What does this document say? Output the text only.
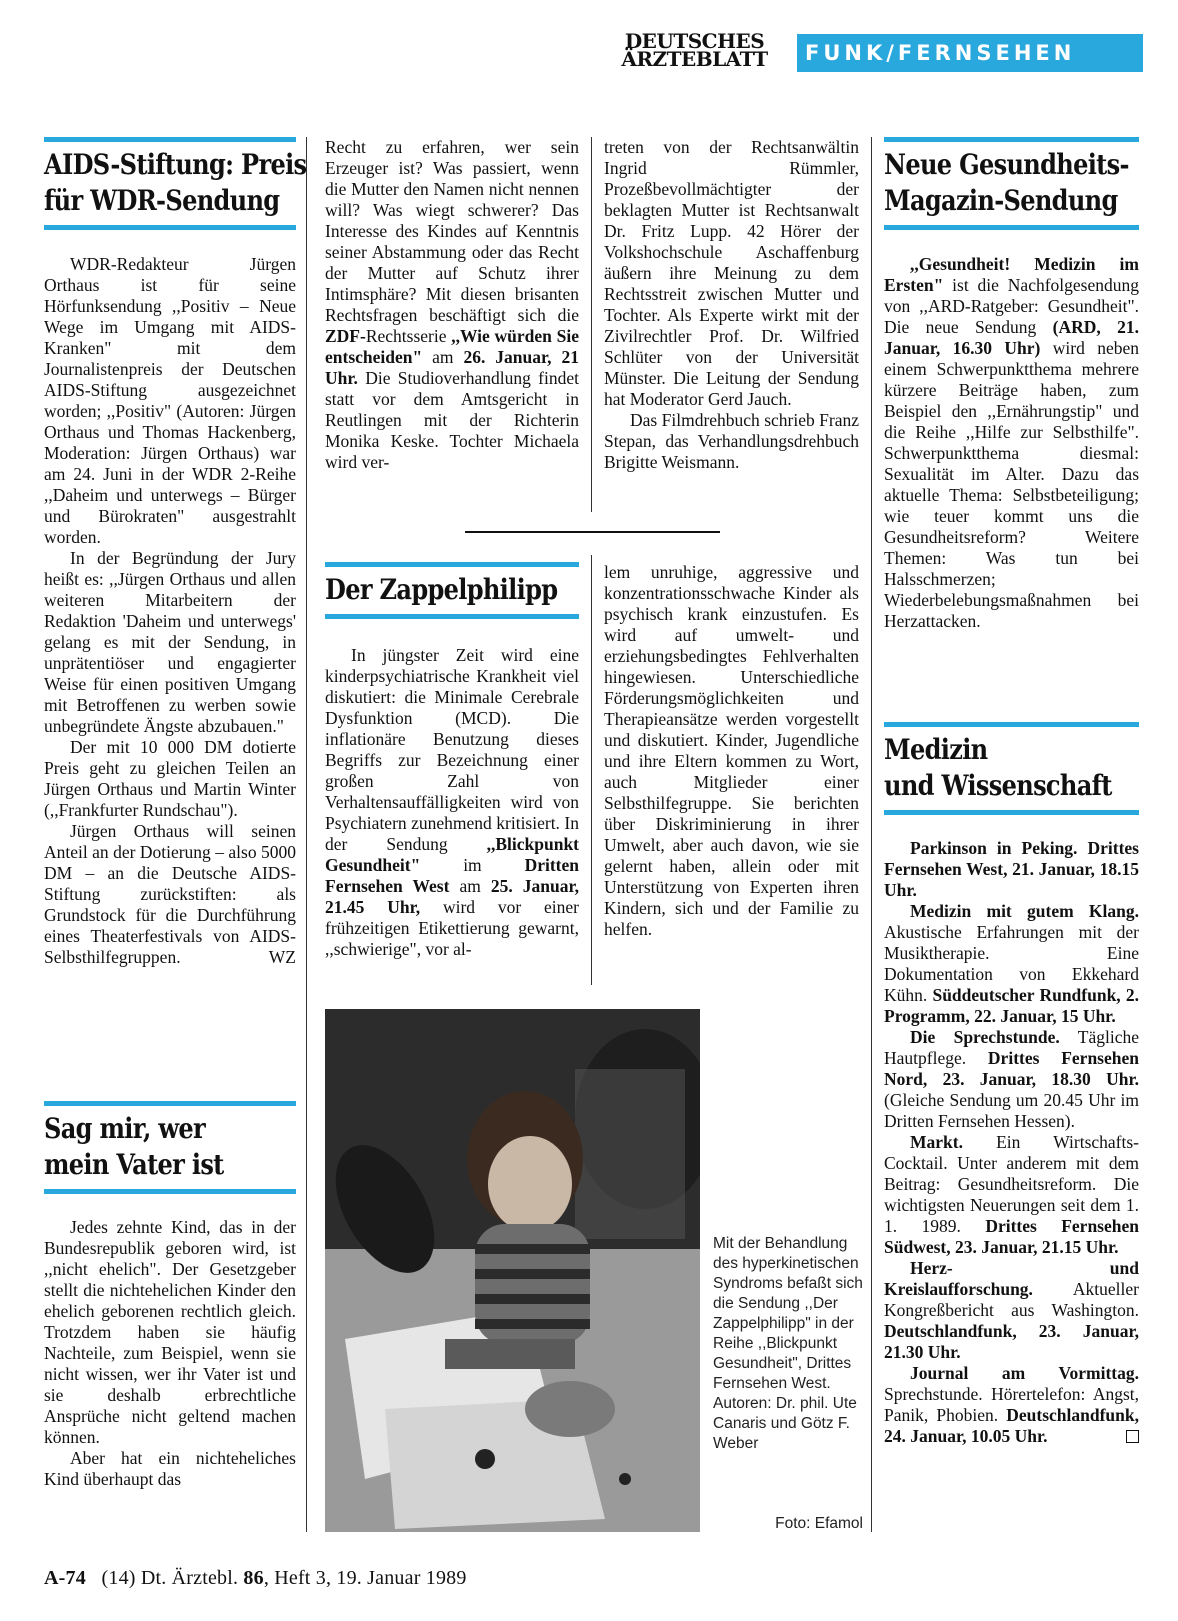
DEUTSCHES
ÄRZTEBLATT	FUNK/FERNSEHEN
AIDS-Stiftung: Preis
für WDR-Sendung

WDR-Redakteur Jürgen Orthaus ist für seine Hörfunksendung ,,Positiv – Neue Wege im Umgang mit AIDS-Kranken" mit dem Journalistenpreis der Deutschen AIDS-Stiftung ausgezeichnet worden; ,,Positiv" (Autoren: Jürgen Orthaus und Thomas Hackenberg, Moderation: Jürgen Orthaus) war am 24. Juni in der WDR 2-Reihe ,,Daheim und unterwegs – Bürger und Bürokraten" ausgestrahlt worden.

In der Begründung der Jury heißt es: ,,Jürgen Orthaus und allen weiteren Mitarbeitern der Redaktion 'Daheim und unterwegs' gelang es mit der Sendung, in unprätentiöser und engagierter Weise für einen positiven Umgang mit Betroffenen zu werben sowie unbegründete Ängste abzubauen."

Der mit 10 000 DM dotierte Preis geht zu gleichen Teilen an Jürgen Orthaus und Martin Winter (,,Frankfurter Rundschau").

Jürgen Orthaus will seinen Anteil an der Dotierung – also 5000 DM – an die Deutsche AIDS-Stiftung zurückstiften: als Grundstock für die Durchführung eines Theaterfestivals von AIDS-Selbsthilfegruppen.	WZ

Sag mir, wer
mein Vater ist

Jedes zehnte Kind, das in der Bundesrepublik geboren wird, ist ,,nicht ehelich". Der Gesetzgeber stellt die nichtehelichen Kinder den ehelich geborenen rechtlich gleich. Trotzdem haben sie häufig Nachteile, zum Beispiel, wenn sie nicht wissen, wer ihr Vater ist und sie deshalb erbrechtliche Ansprüche nicht geltend machen können.

Aber hat ein nichteheliches Kind überhaupt das

Recht zu erfahren, wer sein Erzeuger ist? Was passiert, wenn die Mutter den Namen nicht nennen will? Was wiegt schwerer? Das Interesse des Kindes auf Kenntnis seiner Abstammung oder das Recht der Mutter auf Schutz ihrer Intimsphäre? Mit diesen brisanten Rechtsfragen beschäftigt sich die ZDF-Rechtsserie ,,Wie würden Sie entscheiden" am 26. Januar, 21 Uhr. Die Studioverhandlung findet statt vor dem Amtsgericht in Reutlingen mit der Richterin Monika Keske. Tochter Michaela wird ver-

Der Zappelphilipp

In jüngster Zeit wird eine kinderpsychiatrische Krankheit viel diskutiert: die Minimale Cerebrale Dysfunktion (MCD). Die inflationäre Benutzung dieses Begriffs zur Bezeichnung einer großen Zahl von Verhaltensauffälligkeiten wird von Psychiatern zunehmend kritisiert. In der Sendung ,,Blickpunkt Gesundheit" im Dritten Fernsehen West am 25. Januar, 21.45 Uhr, wird vor einer frühzeitigen Etikettierung gewarnt, ,,schwierige", vor al-

treten von der Rechtsanwältin Ingrid Rümmler, Prozeßbevollmächtigter der beklagten Mutter ist Rechtsanwalt Dr. Fritz Lupp. 42 Hörer der Volkshochschule Aschaffenburg äußern ihre Meinung zu dem Rechtsstreit zwischen Mutter und Tochter. Als Experte wirkt mit der Zivilrechtler Prof. Dr. Wilfried Schlüter von der Universität Münster. Die Leitung der Sendung hat Moderator Gerd Jauch.

Das Filmdrehbuch schrieb Franz Stepan, das Verhandlungsdrehbuch Brigitte Weismann.

lem unruhige, aggressive und konzentrationsschwache Kinder als psychisch krank einzustufen. Es wird auf umwelt- und erziehungsbedingtes Fehlverhalten hingewiesen. Unterschiedliche Förderungsmöglichkeiten und Therapieansätze werden vorgestellt und diskutiert. Kinder, Jugendliche und ihre Eltern kommen zu Wort, auch Mitglieder einer Selbsthilfegruppe. Sie berichten über Diskriminierung in ihrer Umwelt, aber auch davon, wie sie gelernt haben, allein oder mit Unterstützung von Experten ihren Kindern, sich und der Familie zu helfen.

Mit der Behandlung des hyperkinetischen Syndroms befaßt sich die Sendung ,,Der Zappelphilipp" in der Reihe ,,Blickpunkt Gesundheit", Drittes Fernsehen West. Autoren: Dr. phil. Ute Canaris und Götz F. Weber
Foto: Efamol
Neue Gesundheits-
Magazin-Sendung

,,Gesundheit! Medizin im Ersten" ist die Nachfolgesendung von ,,ARD-Ratgeber: Gesundheit". Die neue Sendung (ARD, 21. Januar, 16.30 Uhr) wird neben einem Schwerpunktthema mehrere kürzere Beiträge haben, zum Beispiel den ,,Ernährungstip" und die Reihe ,,Hilfe zur Selbsthilfe". Schwerpunktthema diesmal: Sexualität im Alter. Dazu das aktuelle Thema: Selbstbeteiligung; wie teuer kommt uns die Gesundheitsreform? Weitere Themen: Was tun bei Halsschmerzen; Wiederbelebungsmaßnahmen bei Herzattacken.

Medizin
und Wissenschaft

Parkinson in Peking. Drittes Fernsehen West, 21. Januar, 18.15 Uhr.

Medizin mit gutem Klang. Akustische Erfahrungen mit der Musiktherapie. Eine Dokumentation von Ekkehard Kühn. Süddeutscher Rundfunk, 2. Programm, 22. Januar, 15 Uhr.

Die Sprechstunde. Tägliche Hautpflege. Drittes Fernsehen Nord, 23. Januar, 18.30 Uhr. (Gleiche Sendung um 20.45 Uhr im Dritten Fernsehen Hessen).

Markt. Ein Wirtschafts-Cocktail. Unter anderem mit dem Beitrag: Gesundheitsreform. Die wichtigsten Neuerungen seit dem 1. 1. 1989. Drittes Fernsehen Südwest, 23. Januar, 21.15 Uhr.

Herz- und Kreislaufforschung. Aktueller Kongreßbericht aus Washington. Deutschlandfunk, 23. Januar, 21.30 Uhr.

Journal am Vormittag. Sprechstunde. Hörertelefon: Angst, Panik, Phobien. Deutschlandfunk, 24. Januar, 10.05 Uhr.

A-74 (14) Dt. Ärztebl. 86, Heft 3, 19. Januar 1989
